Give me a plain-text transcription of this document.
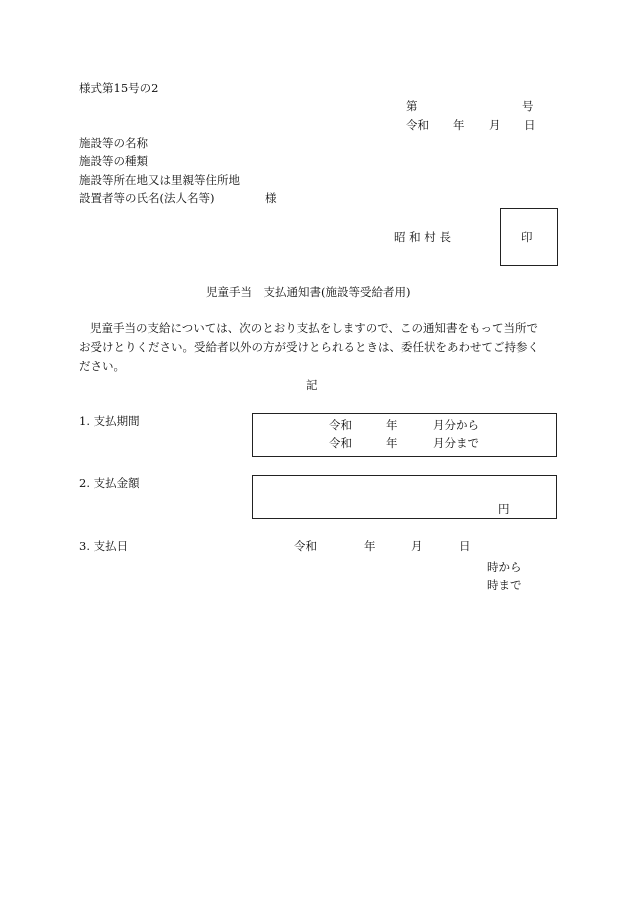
様式第15号の2
第	号
令和 年 月 日
施設等の名称
施設等の種類
施設等所在地又は里親等住所地
設置者等の氏名(法人名等)	様
昭 和 村 長	印
児童手当　支払通知書(施設等受給者用)
児童手当の支給については、次のとおり支払をしますので、この通知書をもって当所で
お受けとりください。受給者以外の方が受けとられるときは、委任状をあわせてご持参く
ださい。
記
1. 支払期間	令和	年	月分から
令和	年	月分まで
2. 支払金額
円
3. 支払日	令和	年	月	日
時から
時まで
